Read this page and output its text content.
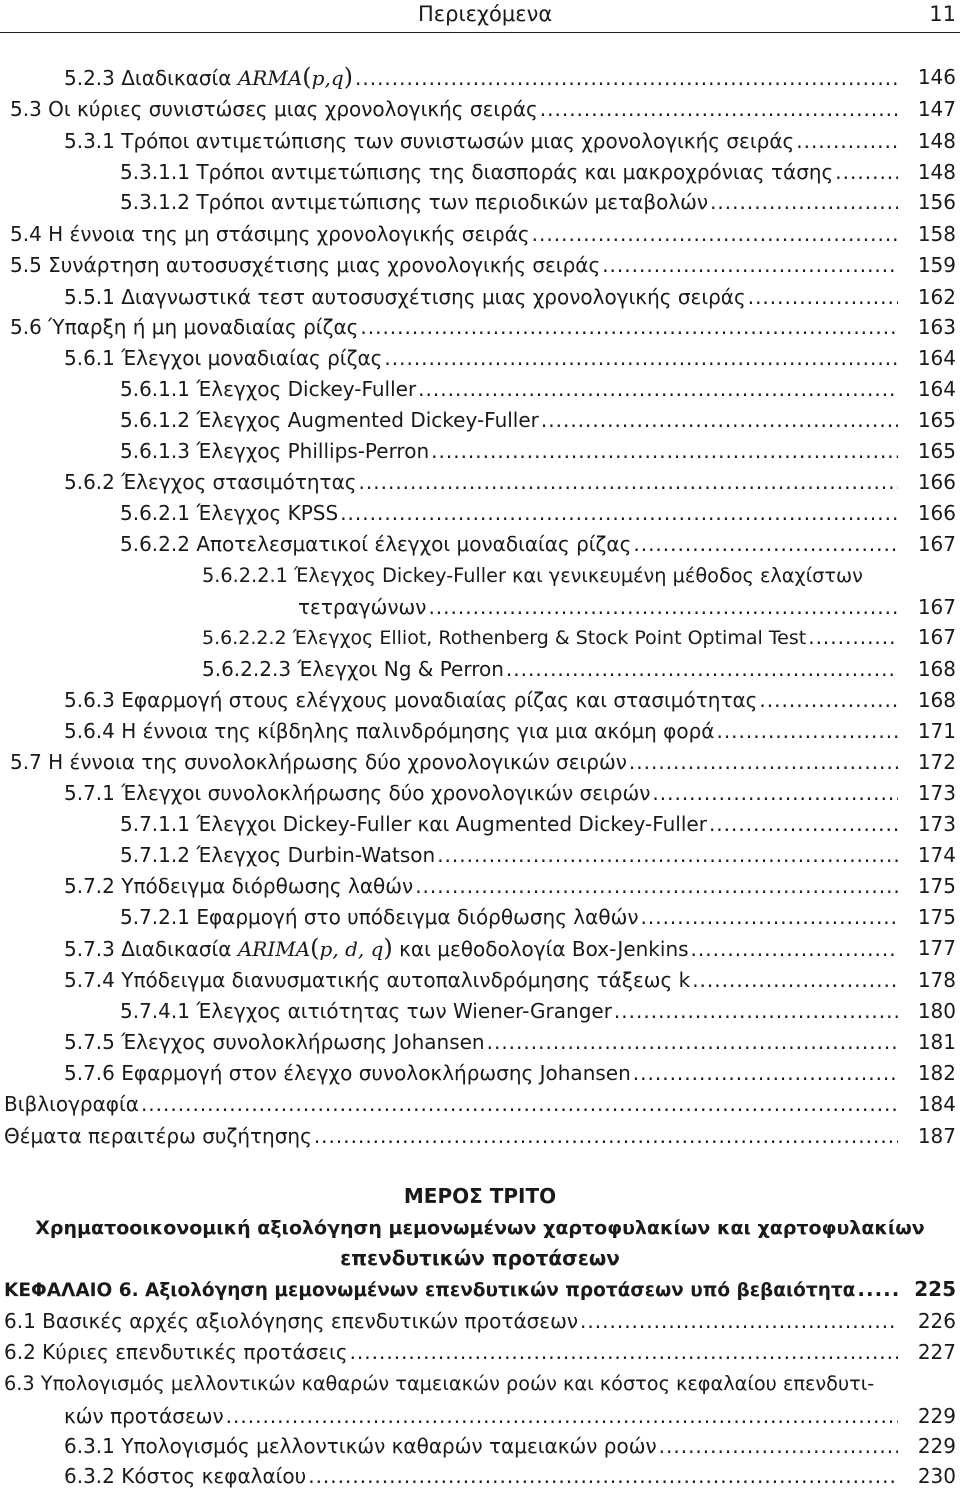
Περιεχόμενα	11
5.2.3 Διαδικασία ARMA(p,q) .....	146
5.3 Οι κύριες συνιστώσες μιας χρονολογικής σειράς .....	147
5.3.1 Τρόποι αντιμετώπισης των συνιστωσών μιας χρονολογικής σειράς .....	148
5.3.1.1 Τρόποι αντιμετώπισης της διασποράς και μακροχρόνιας τάσης .....	148
5.3.1.2 Τρόποι αντιμετώπισης των περιοδικών μεταβολών .....	156
5.4 Η έννοια της μη στάσιμης χρονολογικής σειράς .....	158
5.5 Συνάρτηση αυτοσυσχέτισης μιας χρονολογικής σειράς .....	159
5.5.1 Διαγνωστικά τεστ αυτοσυσχέτισης μιας χρονολογικής σειράς .....	162
5.6 Ύπαρξη ή μη μοναδιαίας ρίζας .....	163
5.6.1 Έλεγχοι μοναδιαίας ρίζας .....	164
5.6.1.1 Έλεγχος Dickey-Fuller .....	164
5.6.1.2 Έλεγχος Augmented Dickey-Fuller .....	165
5.6.1.3 Έλεγχος Phillips-Perron .....	165
5.6.2 Έλεγχος στασιμότητας .....	166
5.6.2.1 Έλεγχος KPSS .....	166
5.6.2.2 Αποτελεσματικοί έλεγχοι μοναδιαίας ρίζας .....	167
5.6.2.2.1 Έλεγχος Dickey-Fuller και γενικευμένη μέθοδος ελαχίστων
τετραγώνων .....	167
5.6.2.2.2 Έλεγχος Elliot, Rothenberg & Stock Point Optimal Test .....	167
5.6.2.2.3 Έλεγχοι Ng & Perron .....	168
5.6.3 Εφαρμογή στους ελέγχους μοναδιαίας ρίζας και στασιμότητας .....	168
5.6.4 Η έννοια της κίβδηλης παλινδρόμησης για μια ακόμη φορά .....	171
5.7 Η έννοια της συνολοκλήρωσης δύο χρονολογικών σειρών .....	172
5.7.1 Έλεγχοι συνολοκλήρωσης δύο χρονολογικών σειρών .....	173
5.7.1.1 Έλεγχοι Dickey-Fuller και Augmented Dickey-Fuller .....	173
5.7.1.2 Έλεγχος Durbin-Watson .....	174
5.7.2 Υπόδειγμα διόρθωσης λαθών .....	175
5.7.2.1 Εφαρμογή στο υπόδειγμα διόρθωσης λαθών .....	175
5.7.3 Διαδικασία ARIMA(p, d, q) και μεθοδολογία Box-Jenkins .....	177
5.7.4 Υπόδειγμα διανυσματικής αυτοπαλινδρόμησης τάξεως k .....	178
5.7.4.1 Έλεγχος αιτιότητας των Wiener-Granger .....	180
5.7.5 Έλεγχος συνολοκλήρωσης Johansen .....	181
5.7.6 Εφαρμογή στον έλεγχο συνολοκλήρωσης Johansen .....	182
Βιβλιογραφία .....	184
Θέματα περαιτέρω συζήτησης .....	187
ΜΕΡΟΣ ΤΡΙΤΟ
Χρηματοοικονομική αξιολόγηση μεμονωμένων χαρτοφυλακίων και χαρτοφυλακίων
επενδυτικών προτάσεων
ΚΕΦΑΛΑΙΟ 6. Αξιολόγηση μεμονωμένων επενδυτικών προτάσεων υπό βεβαιότητα .....	225
6.1 Βασικές αρχές αξιολόγησης επενδυτικών προτάσεων .....	226
6.2 Κύριες επενδυτικές προτάσεις .....	227
6.3 Υπολογισμός μελλοντικών καθαρών ταμειακών ροών και κόστος κεφαλαίου επενδυτι-
κών προτάσεων .....	229
6.3.1 Υπολογισμός μελλοντικών καθαρών ταμειακών ροών .....	229
6.3.2 Κόστος κεφαλαίου .....	230
